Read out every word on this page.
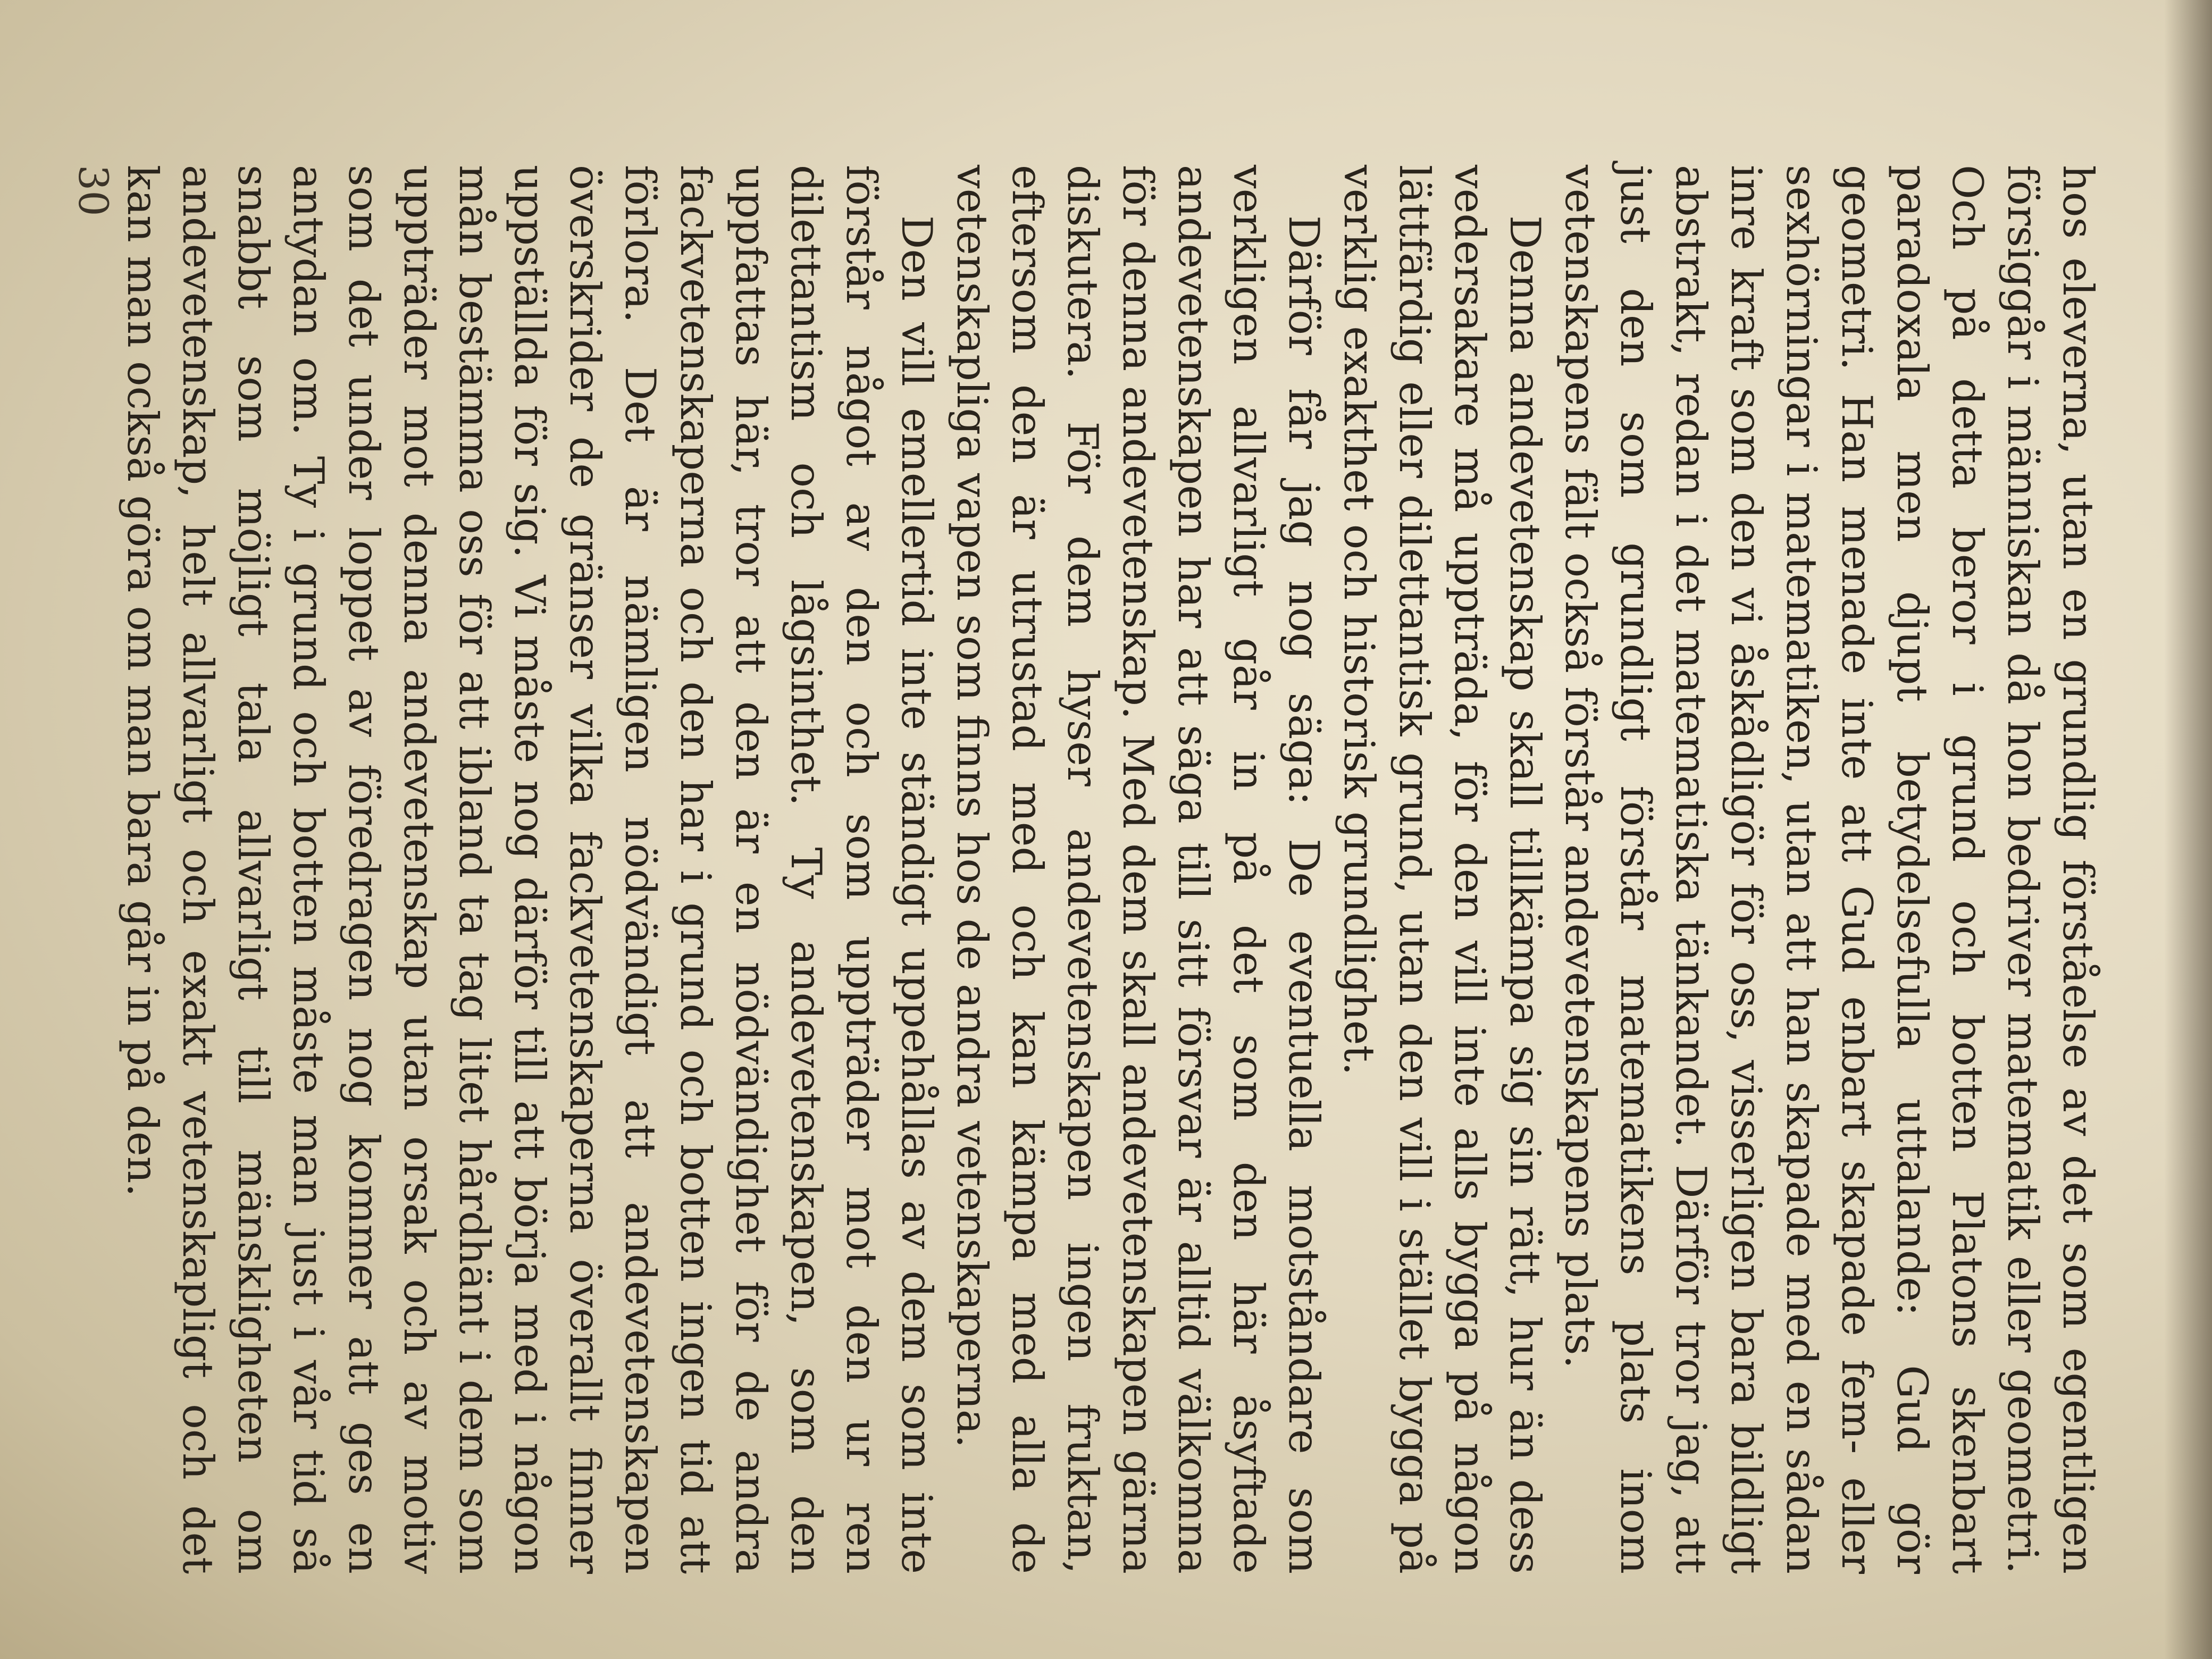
hos eleverna, utan en grundlig förståelse av det som egentligen försiggår i människan då hon bedriver matematik eller geometri. Och på detta beror i grund och botten Platons skenbart paradoxala men djupt betydelsefulla uttalande: Gud gör geometri. Han menade inte att Gud enbart skapade fem- eller sexhörningar i matematiken, utan att han skapade med en sådan inre kraft som den vi åskådligör för oss, visserligen bara bildligt abstrakt, redan i det matematiska tänkandet. Därför tror jag, att just den som grundligt förstår matematikens plats inom vetenskapens fält också förstår andevetenskapens plats.

Denna andevetenskap skall tillkämpa sig sin rätt, hur än dess vedersakare må uppträda, för den vill inte alls bygga på någon lättfärdig eller dilettantisk grund, utan den vill i stället bygga på verklig exakthet och historisk grundlighet.

Därför får jag nog säga: De eventuella motståndare som verkligen allvarligt går in på det som den här åsyftade andevetenskapen har att säga till sitt försvar är alltid välkomna för denna andevetenskap. Med dem skall andevetenskapen gärna diskutera. För dem hyser andevetenskapen ingen fruktan, eftersom den är utrustad med och kan kämpa med alla de vetenskapliga vapen som finns hos de andra vetenskaperna.

Den vill emellertid inte ständigt uppehållas av dem som inte förstår något av den och som uppträder mot den ur ren dilettantism och lågsinthet. Ty andevetenskapen, som den uppfattas här, tror att den är en nödvändighet för de andra fackvetenskaperna och den har i grund och botten ingen tid att förlora. Det är nämligen nödvändigt att andevetenskapen överskrider de gränser vilka fackvetenskaperna överallt finner uppställda för sig. Vi måste nog därför till att börja med i någon mån bestämma oss för att ibland ta tag litet hårdhänt i dem som uppträder mot denna andevetenskap utan orsak och av motiv som det under loppet av föredragen nog kommer att ges en antydan om. Ty i grund och botten måste man just i vår tid så snabbt som möjligt tala allvarligt till mänskligheten om andevetenskap, helt allvarligt och exakt vetenskapligt och det kan man också göra om man bara går in på den.

30
